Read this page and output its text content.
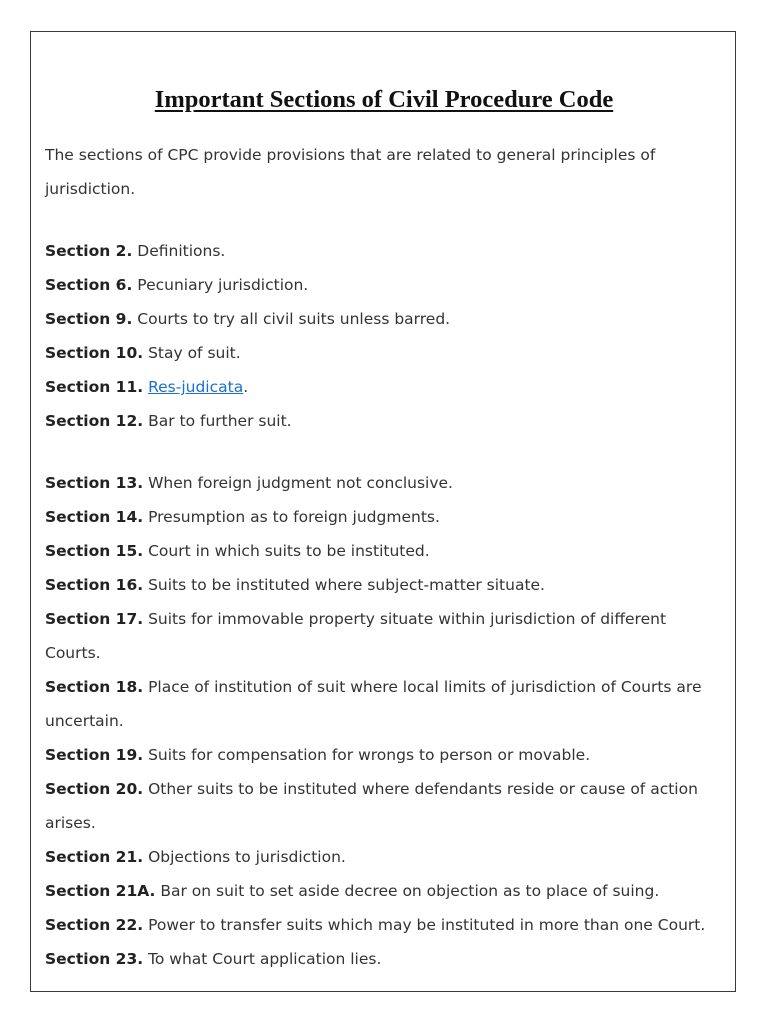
Important Sections of Civil Procedure Code

The sections of CPC provide provisions that are related to general principles of jurisdiction.

Section 2. Definitions.

Section 6. Pecuniary jurisdiction.

Section 9. Courts to try all civil suits unless barred.

Section 10. Stay of suit.

Section 11. Res-judicata.

Section 12. Bar to further suit.

Section 13. When foreign judgment not conclusive.

Section 14. Presumption as to foreign judgments.

Section 15. Court in which suits to be instituted.

Section 16. Suits to be instituted where subject-matter situate.

Section 17. Suits for immovable property situate within jurisdiction of different Courts.

Section 18. Place of institution of suit where local limits of jurisdiction of Courts are uncertain.

Section 19. Suits for compensation for wrongs to person or movable.

Section 20. Other suits to be instituted where defendants reside or cause of action arises.

Section 21. Objections to jurisdiction.

Section 21A. Bar on suit to set aside decree on objection as to place of suing.

Section 22. Power to transfer suits which may be instituted in more than one Court.

Section 23. To what Court application lies.
